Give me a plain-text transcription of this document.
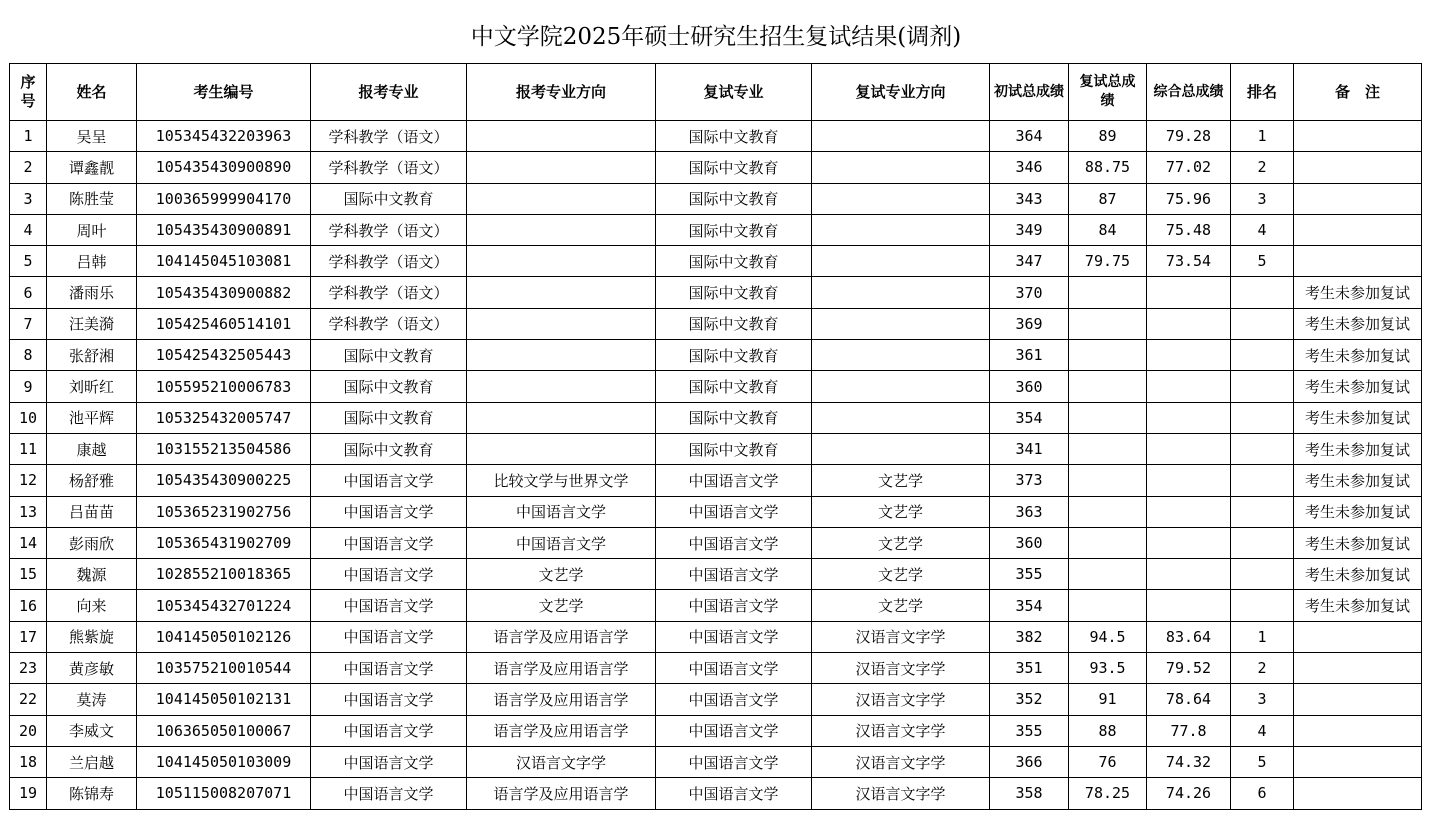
中文学院2025年硕士研究生招生复试结果(调剂)
序号	姓名	考生编号	报考专业	报考专业方向	复试专业	复试专业方向	初试总成绩	复试总成绩	综合总成绩	排名	备　注
1	吴呈	105345432203963	学科教学（语文）		国际中文教育		364	89	79.28	1	
2	谭鑫靓	105435430900890	学科教学（语文）		国际中文教育		346	88.75	77.02	2	
3	陈胜莹	100365999904170	国际中文教育		国际中文教育		343	87	75.96	3	
4	周叶	105435430900891	学科教学（语文）		国际中文教育		349	84	75.48	4	
5	吕韩	104145045103081	学科教学（语文）		国际中文教育		347	79.75	73.54	5	
6	潘雨乐	105435430900882	学科教学（语文）		国际中文教育		370				考生未参加复试
7	汪美漪	105425460514101	学科教学（语文）		国际中文教育		369				考生未参加复试
8	张舒湘	105425432505443	国际中文教育		国际中文教育		361				考生未参加复试
9	刘昕红	105595210006783	国际中文教育		国际中文教育		360				考生未参加复试
10	池平辉	105325432005747	国际中文教育		国际中文教育		354				考生未参加复试
11	康越	103155213504586	国际中文教育		国际中文教育		341				考生未参加复试
12	杨舒雅	105435430900225	中国语言文学	比较文学与世界文学	中国语言文学	文艺学	373				考生未参加复试
13	吕苗苗	105365231902756	中国语言文学	中国语言文学	中国语言文学	文艺学	363				考生未参加复试
14	彭雨欣	105365431902709	中国语言文学	中国语言文学	中国语言文学	文艺学	360				考生未参加复试
15	魏源	102855210018365	中国语言文学	文艺学	中国语言文学	文艺学	355				考生未参加复试
16	向来	105345432701224	中国语言文学	文艺学	中国语言文学	文艺学	354				考生未参加复试
17	熊紫旋	104145050102126	中国语言文学	语言学及应用语言学	中国语言文学	汉语言文字学	382	94.5	83.64	1	
23	黄彦敏	103575210010544	中国语言文学	语言学及应用语言学	中国语言文学	汉语言文字学	351	93.5	79.52	2	
22	莫涛	104145050102131	中国语言文学	语言学及应用语言学	中国语言文学	汉语言文字学	352	91	78.64	3	
20	李威文	106365050100067	中国语言文学	语言学及应用语言学	中国语言文学	汉语言文字学	355	88	77.8	4	
18	兰启越	104145050103009	中国语言文学	汉语言文字学	中国语言文学	汉语言文字学	366	76	74.32	5	
19	陈锦寿	105115008207071	中国语言文学	语言学及应用语言学	中国语言文学	汉语言文字学	358	78.25	74.26	6	
